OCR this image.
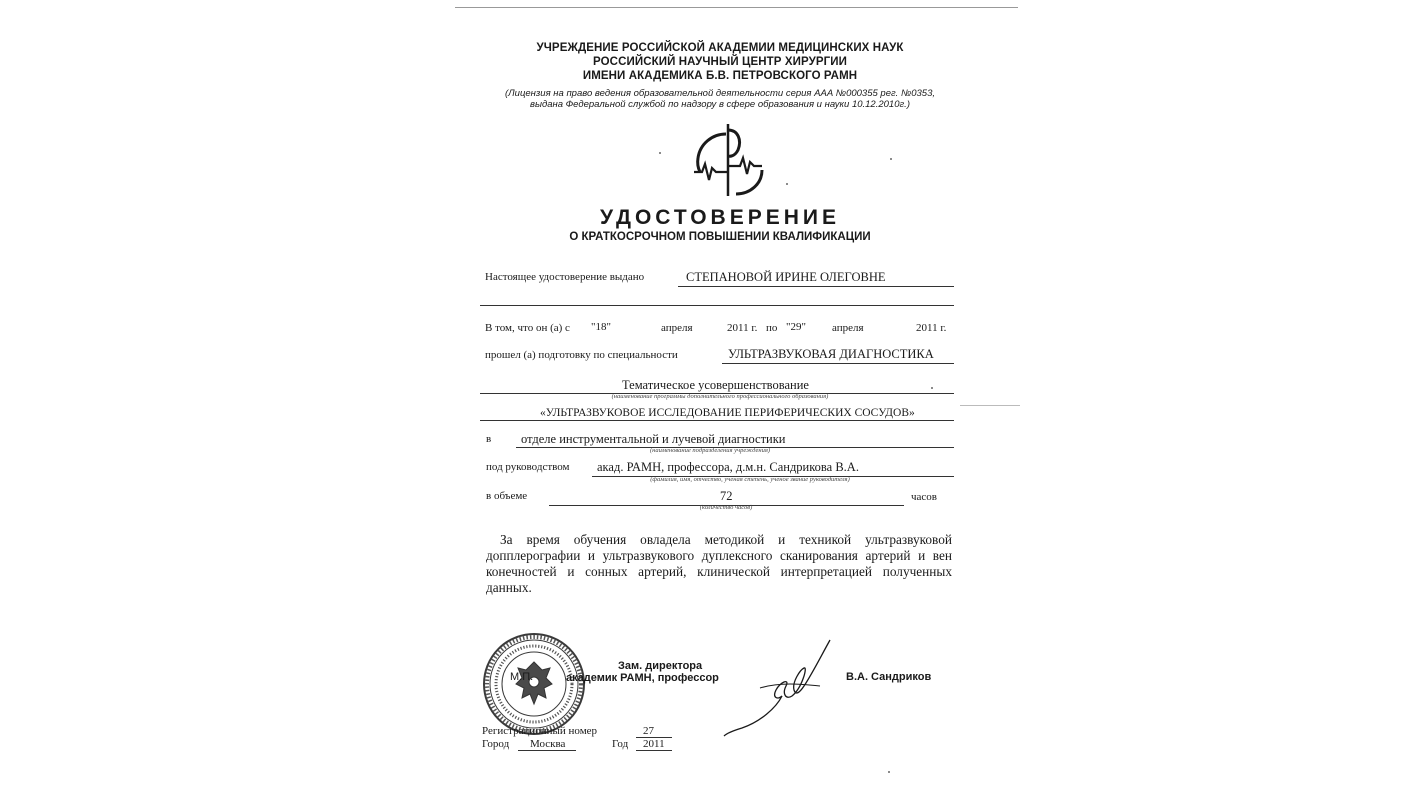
УЧРЕЖДЕНИЕ РОССИЙСКОЙ АКАДЕМИИ МЕДИЦИНСКИХ НАУК
РОССИЙСКИЙ НАУЧНЫЙ ЦЕНТР ХИРУРГИИ
ИМЕНИ АКАДЕМИКА Б.В. ПЕТРОВСКОГО РАМН
(Лицензия на право ведения образовательной деятельности серия ААА №000355 рег. №0353,
выдана Федеральной службой по надзору в сфере образования и науки 10.12.2010г.)
УДОСТОВЕРЕНИЕ
О КРАТКОСРОЧНОМ ПОВЫШЕНИИ КВАЛИФИКАЦИИ
Настоящее удостоверение выдано	СТЕПАНОВОЙ ИРИНЕ ОЛЕГОВНЕ
В том, что он (а) с "18"	апреля	2011 г. по "29" апреля	2011 г.
прошел (а) подготовку по специальности	УЛЬТРАЗВУКОВАЯ ДИАГНОСТИКА
Тематическое усовершенствование
(наименование программы дополнительного профессионального образования)
«УЛЬТРАЗВУКОВОЕ ИССЛЕДОВАНИЕ ПЕРИФЕРИЧЕСКИХ СОСУДОВ»
в отделе инструментальной и лучевой диагностики
(наименование подразделения учреждения)
под руководством акад. РАМН, профессора, д.м.н. Сандрикова В.А.
(фамилия, имя, отчество, ученая степень, ученое звание руководителя)
в объеме	72
(количество часов)
часов
За время обучения овладела методикой и техникой ультразвуковой допплерографии и ультразвукового дуплексного сканирования артерий и вен конечностей и сонных артерий, клинической интерпретацией полученных данных.
М.П.
Зам. директора
академик РАМН, профессор	В.А. Сандриков
Регистрационный номер	27
Город Москва	Год 2011
